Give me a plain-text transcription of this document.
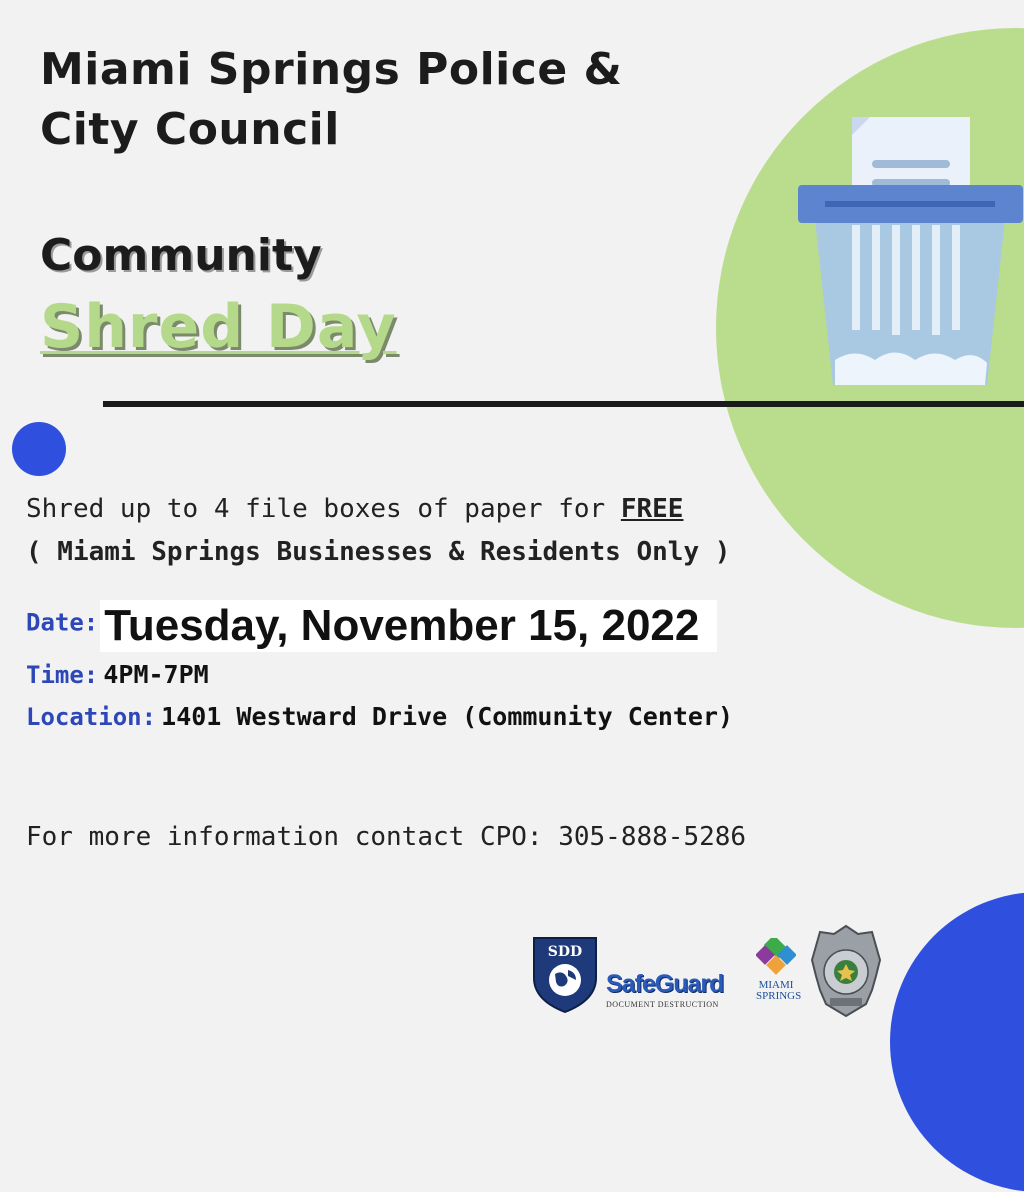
Miami Springs Police &
City Council
Community
Shred Day
Shred up to 4 file boxes of paper for FREE
( Miami Springs Businesses & Residents Only )
Date: Tuesday, November 15, 2022
Time: 4PM-7PM
Location: 1401 Westward Drive (Community Center)
For more information contact CPO: 305-888-5286
SDD
SafeGuard
DOCUMENT DESTRUCTION
MIAMI SPRINGS
